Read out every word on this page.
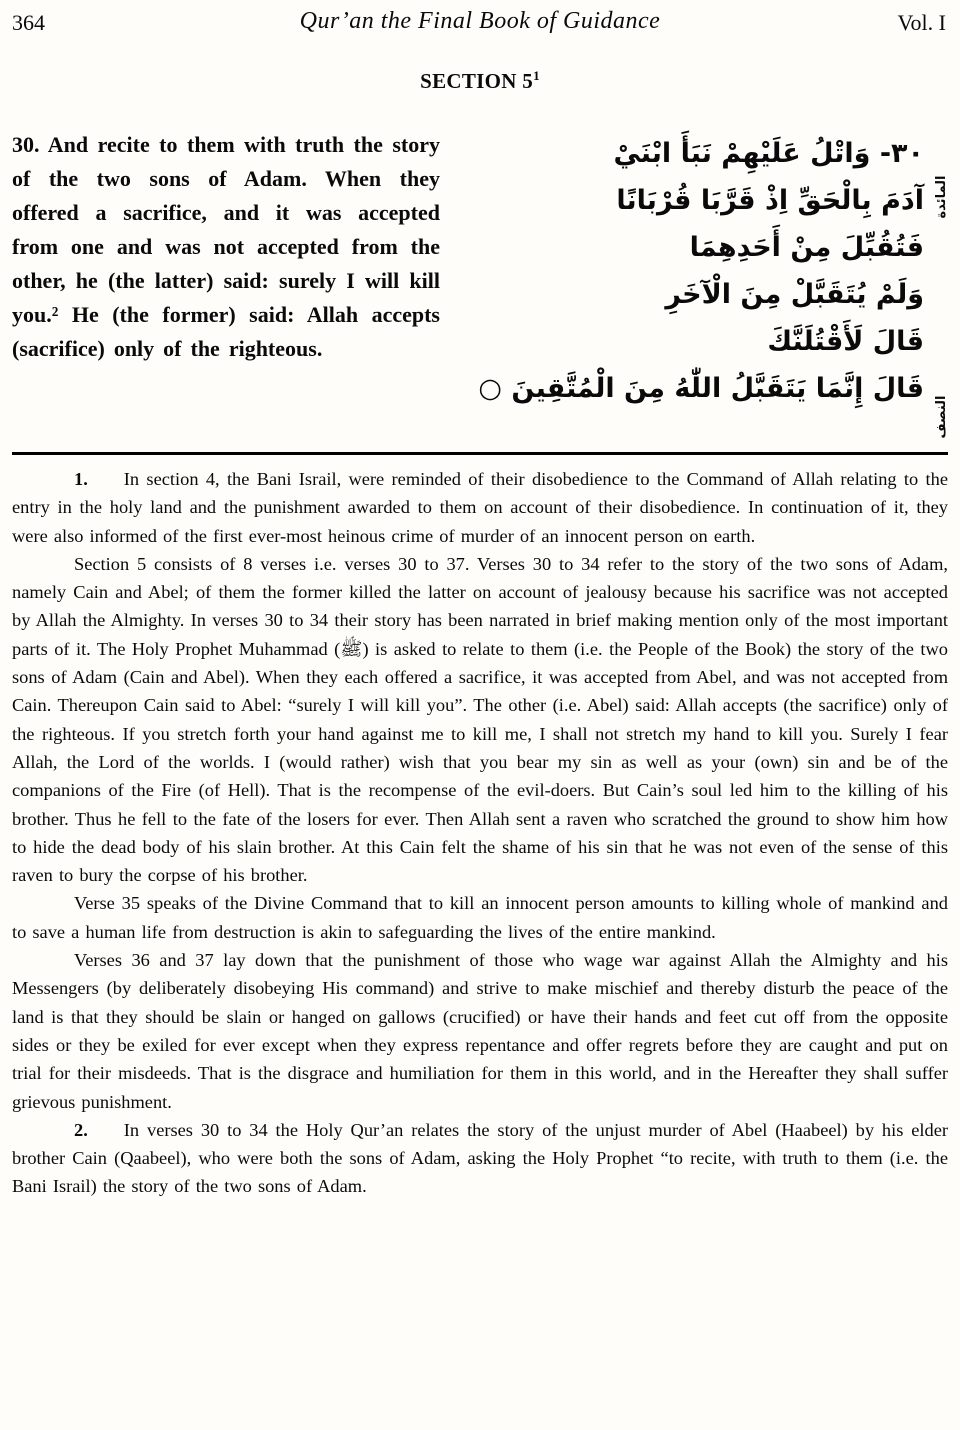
364	Qur’an the Final Book of Guidance	Vol. I
SECTION $5^1$
30. And recite to them with truth the story of the two sons of Adam. When they offered a sacrifice, and it was accepted from one and was not accepted from the other, he (the latter) said: surely I will kill you.² He (the former) said: Allah accepts (sacrifice) only of the righteous.
٣٠- وَاتْلُ عَلَيْهِمْ نَبَأَ ابْنَيْ
آدَمَ بِالْحَقِّ اِذْ قَرَّبَا قُرْبَانًا
فَتُقُبِّلَ مِنْ أَحَدِهِمَا
وَلَمْ يُتَقَبَّلْ مِنَ الْآخَرِ
قَالَ لَأَقْتُلَنَّكَ
قَالَ إِنَّمَا يَتَقَبَّلُ اللّٰهُ مِنَ الْمُتَّقِينَ ○
المائدة
النصف

1. In section 4, the Bani Israil, were reminded of their disobedience to the Command of Allah relating to the entry in the holy land and the punishment awarded to them on account of their disobedience. In continuation of it, they were also informed of the first ever-most heinous crime of murder of an innocent person on earth.

Section 5 consists of 8 verses i.e. verses 30 to 37. Verses 30 to 34 refer to the story of the two sons of Adam, namely Cain and Abel; of them the former killed the latter on account of jealousy because his sacrifice was not accepted by Allah the Almighty. In verses 30 to 34 their story has been narrated in brief making mention only of the most important parts of it. The Holy Prophet Muhammad (ﷺ) is asked to relate to them (i.e. the People of the Book) the story of the two sons of Adam (Cain and Abel). When they each offered a sacrifice, it was accepted from Abel, and was not accepted from Cain. Thereupon Cain said to Abel: “surely I will kill you”. The other (i.e. Abel) said: Allah accepts (the sacrifice) only of the righteous. If you stretch forth your hand against me to kill me, I shall not stretch my hand to kill you. Surely I fear Allah, the Lord of the worlds. I (would rather) wish that you bear my sin as well as your (own) sin and be of the companions of the Fire (of Hell). That is the recompense of the evil-doers. But Cain’s soul led him to the killing of his brother. Thus he fell to the fate of the losers for ever. Then Allah sent a raven who scratched the ground to show him how to hide the dead body of his slain brother. At this Cain felt the shame of his sin that he was not even of the sense of this raven to bury the corpse of his brother.

Verse 35 speaks of the Divine Command that to kill an innocent person amounts to killing whole of mankind and to save a human life from destruction is akin to safeguarding the lives of the entire mankind.

Verses 36 and 37 lay down that the punishment of those who wage war against Allah the Almighty and his Messengers (by deliberately disobeying His command) and strive to make mischief and thereby disturb the peace of the land is that they should be slain or hanged on gallows (crucified) or have their hands and feet cut off from the opposite sides or they be exiled for ever except when they express repentance and offer regrets before they are caught and put on trial for their misdeeds. That is the disgrace and humiliation for them in this world, and in the Hereafter they shall suffer grievous punishment.

2. In verses 30 to 34 the Holy Qur’an relates the story of the unjust murder of Abel (Haabeel) by his elder brother Cain (Qaabeel), who were both the sons of Adam, asking the Holy Prophet “to recite, with truth to them (i.e. the Bani Israil) the story of the two sons of Adam.
